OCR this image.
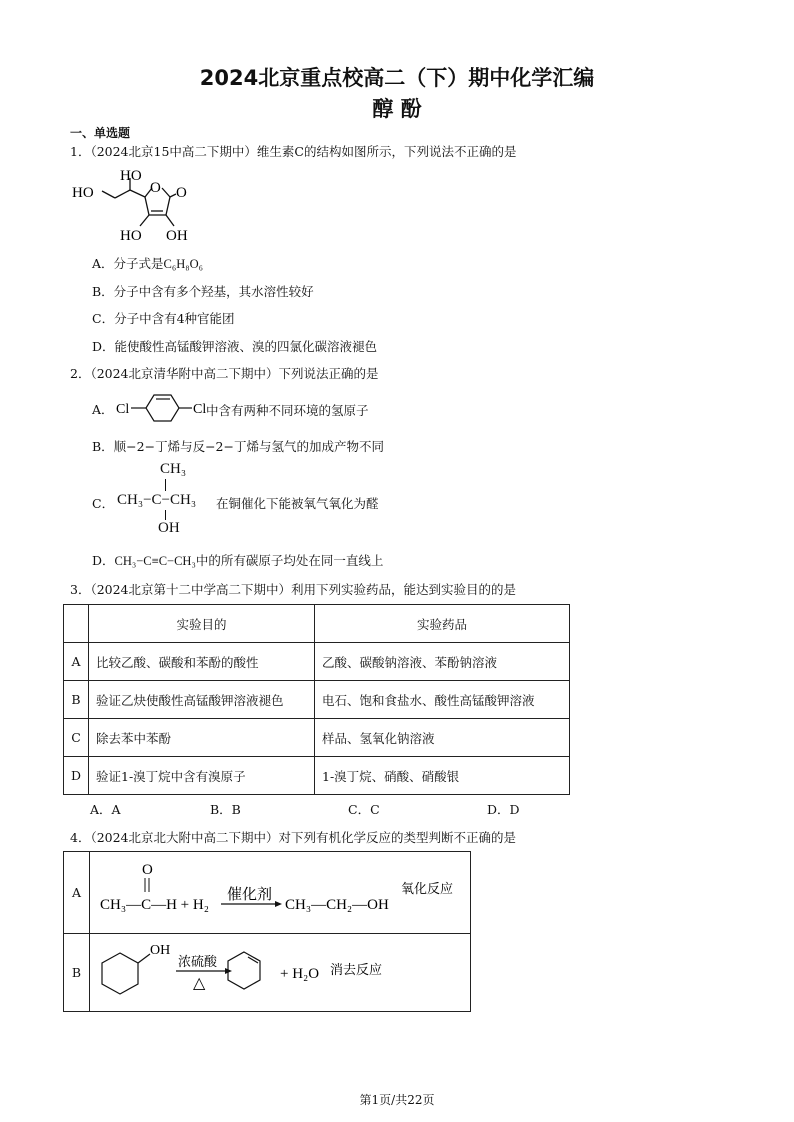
2024北京重点校高二（下）期中化学汇编
醇 酚
一、单选题
1．（2024北京15中高二下期中）维生素C的结构如图所示，下列说法不正确的是
HO
HO
O O
HO OH
A．分子式是C₆H₈O₆
B．分子中含有多个羟基，其水溶性较好
C．分子中含有4种官能团
D．能使酸性高锰酸钾溶液、溴的四氯化碳溶液褪色
2．（2024北京清华附中高二下期中）下列说法正确的是
A． Cl	Cl 中含有两种不同环境的氢原子
B．顺−2−丁烯与反−2−丁烯与氢气的加成产物不同
C．
CH₃
CH₃−C−CH₃
OH
在铜催化下能被氧气氧化为醛
D．CH₃−C≡C−CH₃中的所有碳原子均处在同一直线上
3．（2024北京第十二中学高二下期中）利用下列实验药品，能达到实验目的的是
	实验目的	实验药品
A	比较乙酸、碳酸和苯酚的酸性	乙酸、碳酸钠溶液、苯酚钠溶液
B	验证乙炔使酸性高锰酸钾溶液褪色	电石、饱和食盐水、酸性高锰酸钾溶液
C	除去苯中苯酚	样品、氢氧化钠溶液
D	验证1-溴丁烷中含有溴原子	1-溴丁烷、硝酸、硝酸银
A．A	B．B	C．C	D．D
4．（2024北京北大附中高二下期中）对下列有机化学反应的类型判断不正确的是
A	O
CH₃—C—H + H₂
催化剂
CH₃—CH₂—OH
氧化反应

B	OH
浓硫酸
△
+ H₂O 消去反应
第1页/共22页
